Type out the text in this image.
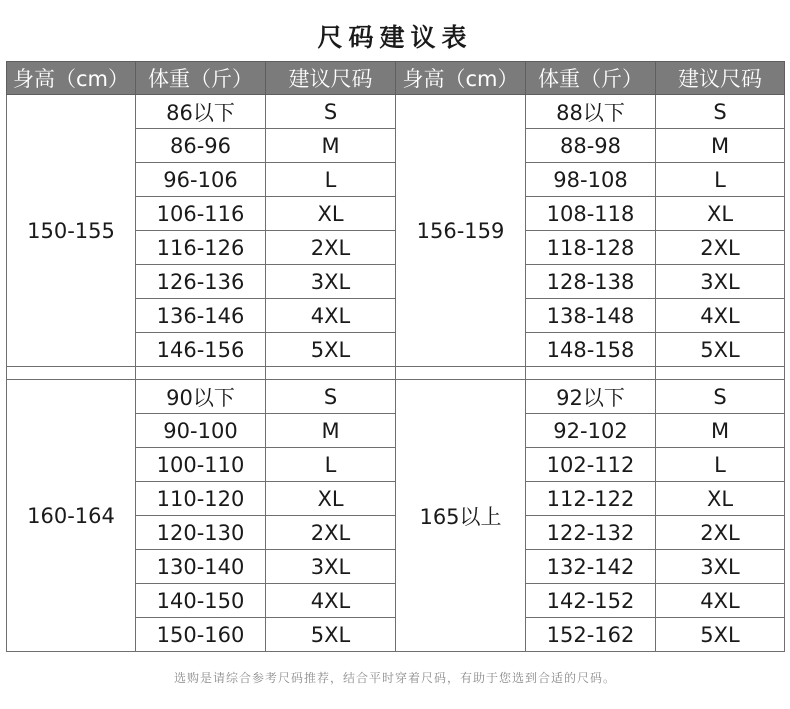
尺码建议表
身高（cm）	体重（斤）	建议尺码	身高（cm）	体重（斤）	建议尺码
150-155	86以下	S	156-159	88以下	S
	86-96	M		88-98	M
	96-106	L		98-108	L
	106-116	XL		108-118	XL
	116-126	2XL		118-128	2XL
	126-136	3XL		128-138	3XL
	136-146	4XL		138-148	4XL
	146-156	5XL		148-158	5XL

160-164	90以下	S	165以上	92以下	S
	90-100	M		92-102	M
	100-110	L		102-112	L
	110-120	XL		112-122	XL
	120-130	2XL		122-132	2XL
	130-140	3XL		132-142	3XL
	140-150	4XL		142-152	4XL
	150-160	5XL		152-162	5XL
选购是请综合参考尺码推荐，结合平时穿着尺码，有助于您选到合适的尺码。
